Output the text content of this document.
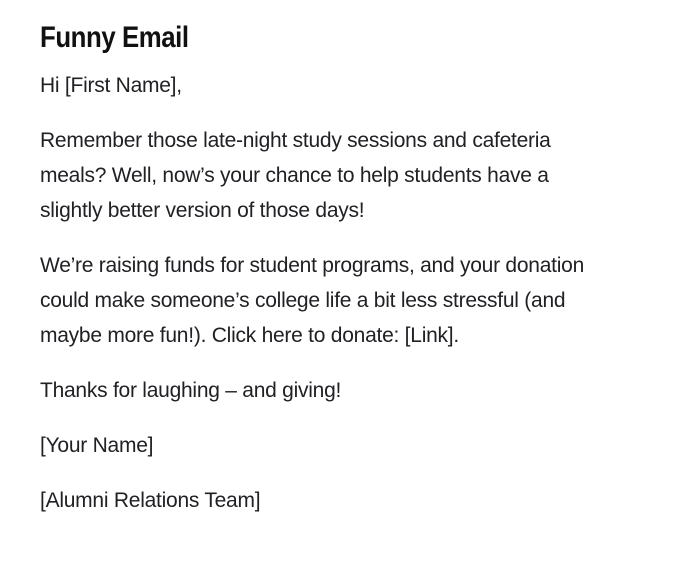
Funny Email

Hi [First Name],

Remember those late-night study sessions and cafeteria
meals? Well, now’s your chance to help students have a
slightly better version of those days!

We’re raising funds for student programs, and your donation
could make someone’s college life a bit less stressful (and
maybe more fun!). Click here to donate: [Link].

Thanks for laughing – and giving!

[Your Name]

[Alumni Relations Team]
